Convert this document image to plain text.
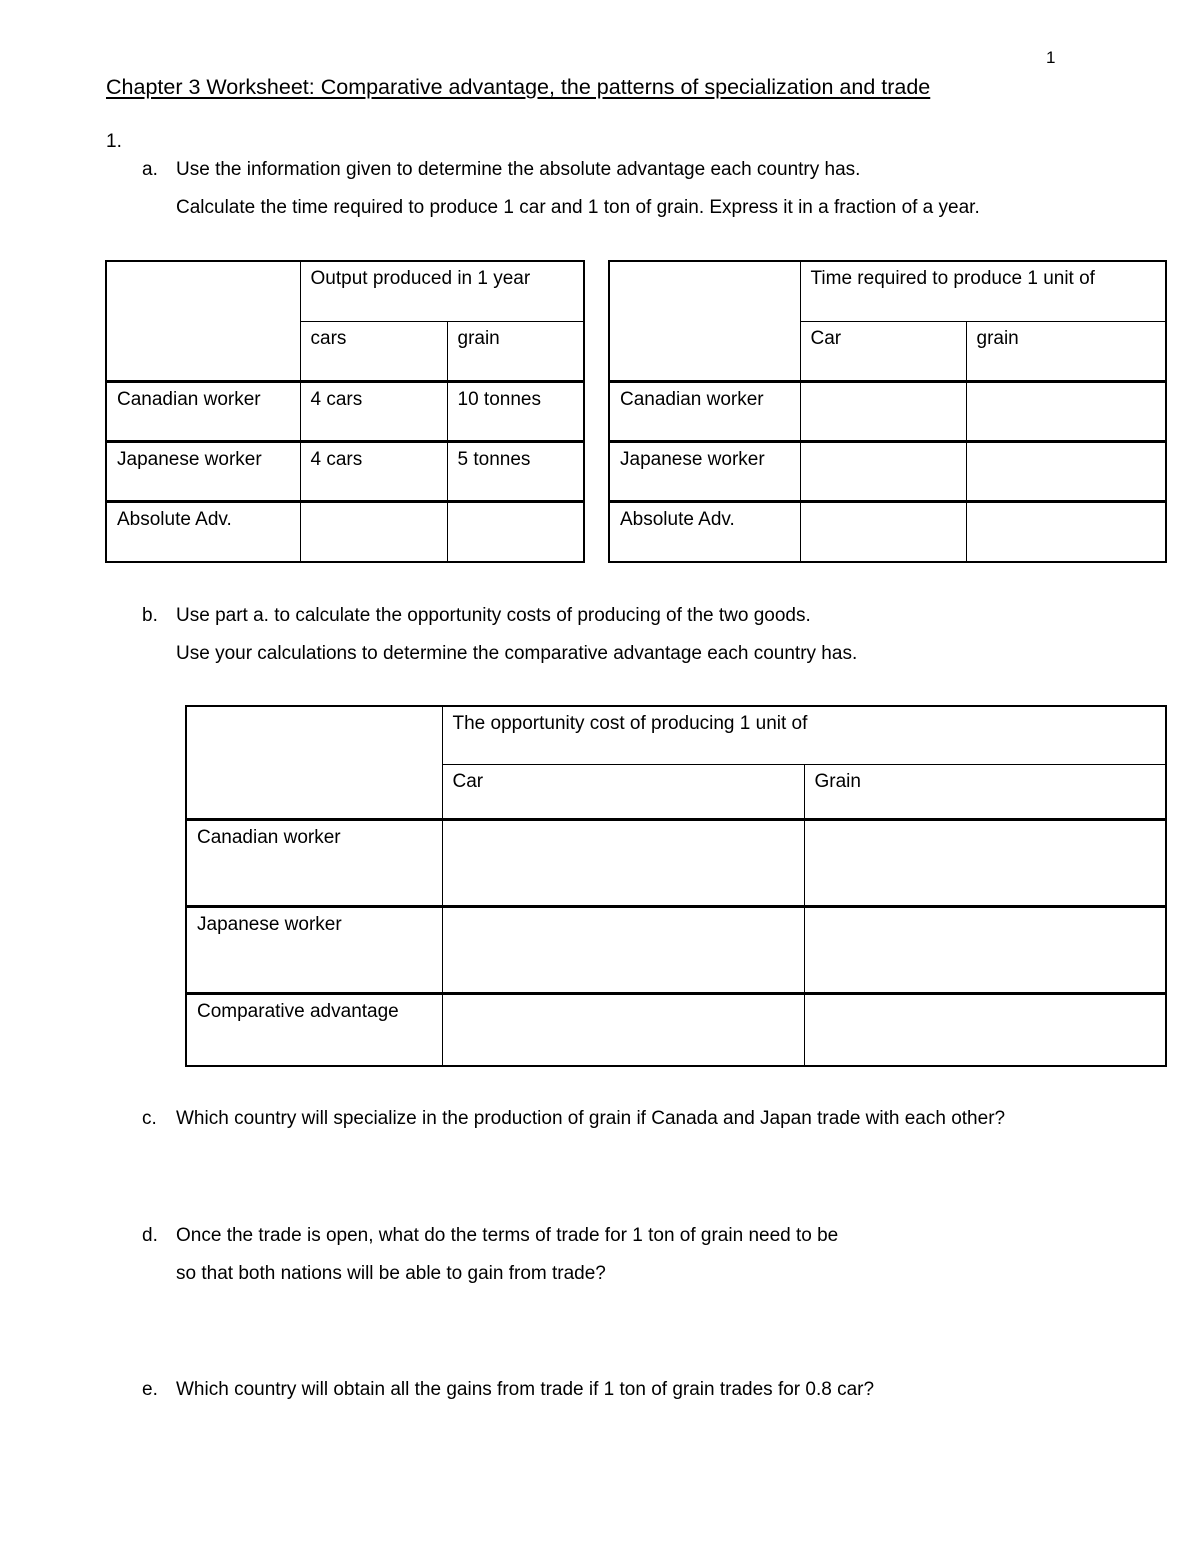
1
Chapter 3 Worksheet: Comparative advantage, the patterns of specialization and trade
1.
a. Use the information given to determine the absolute advantage each country has.
Calculate the time required to produce 1 car and 1 ton of grain. Express it in a fraction of a year.
	Output produced in 1 year	
	cars	grain
Canadian worker	4 cars	10 tonnes
Japanese worker	4 cars	5 tonnes
Absolute Adv.		
	Time required to produce 1 unit of	
	Car	grain
Canadian worker		
Japanese worker		
Absolute Adv.		
b. Use part a. to calculate the opportunity costs of producing of the two goods.
Use your calculations to determine the comparative advantage each country has.
	The opportunity cost of producing 1 unit of	
	Car	Grain
Canadian worker		
Japanese worker		
Comparative advantage		
c. Which country will specialize in the production of grain if Canada and Japan trade with each other?
d. Once the trade is open, what do the terms of trade for 1 ton of grain need to be
so that both nations will be able to gain from trade?
e. Which country will obtain all the gains from trade if 1 ton of grain trades for 0.8 car?
